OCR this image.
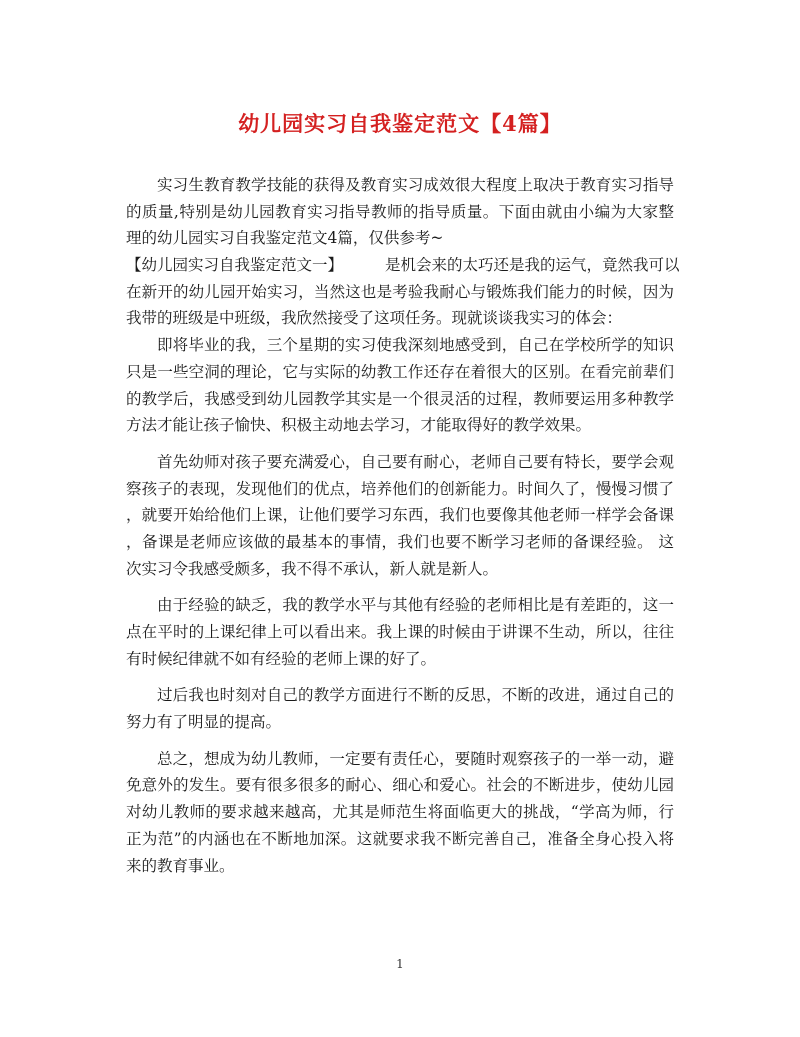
幼儿园实习自我鉴定范文【4篇】
实习生教育教学技能的获得及教育实习成效很大程度上取决于教育实习指导
的质量,特别是幼儿园教育实习指导教师的指导质量。下面由就由小编为大家整
理的幼儿园实习自我鉴定范文4篇，仅供参考~
【幼儿园实习自我鉴定范文一】	是机会来的太巧还是我的运气，竟然我可以
在新开的幼儿园开始实习，当然这也是考验我耐心与锻炼我们能力的时候，因为
我带的班级是中班级，我欣然接受了这项任务。现就谈谈我实习的体会：
即将毕业的我，三个星期的实习使我深刻地感受到，自己在学校所学的知识
只是一些空洞的理论，它与实际的幼教工作还存在着很大的区别。在看完前辈们
的教学后，我感受到幼儿园教学其实是一个很灵活的过程，教师要运用多种教学
方法才能让孩子愉快、积极主动地去学习，才能取得好的教学效果。
首先幼师对孩子要充满爱心，自己要有耐心，老师自己要有特长，要学会观
察孩子的表现，发现他们的优点，培养他们的创新能力。时间久了，慢慢习惯了
，就要开始给他们上课，让他们要学习东西，我们也要像其他老师一样学会备课
，备课是老师应该做的最基本的事情，我们也要不断学习老师的备课经验。 这
次实习令我感受颇多，我不得不承认，新人就是新人。
由于经验的缺乏，我的教学水平与其他有经验的老师相比是有差距的，这一
点在平时的上课纪律上可以看出来。我上课的时候由于讲课不生动，所以，往往
有时候纪律就不如有经验的老师上课的好了。
过后我也时刻对自己的教学方面进行不断的反思，不断的改进，通过自己的
努力有了明显的提高。
总之，想成为幼儿教师，一定要有责任心，要随时观察孩子的一举一动，避
免意外的发生。要有很多很多的耐心、细心和爱心。社会的不断进步，使幼儿园
对幼儿教师的要求越来越高，尤其是师范生将面临更大的挑战，“学高为师，行
正为范”的内涵也在不断地加深。这就要求我不断完善自己，准备全身心投入将
来的教育事业。
1
